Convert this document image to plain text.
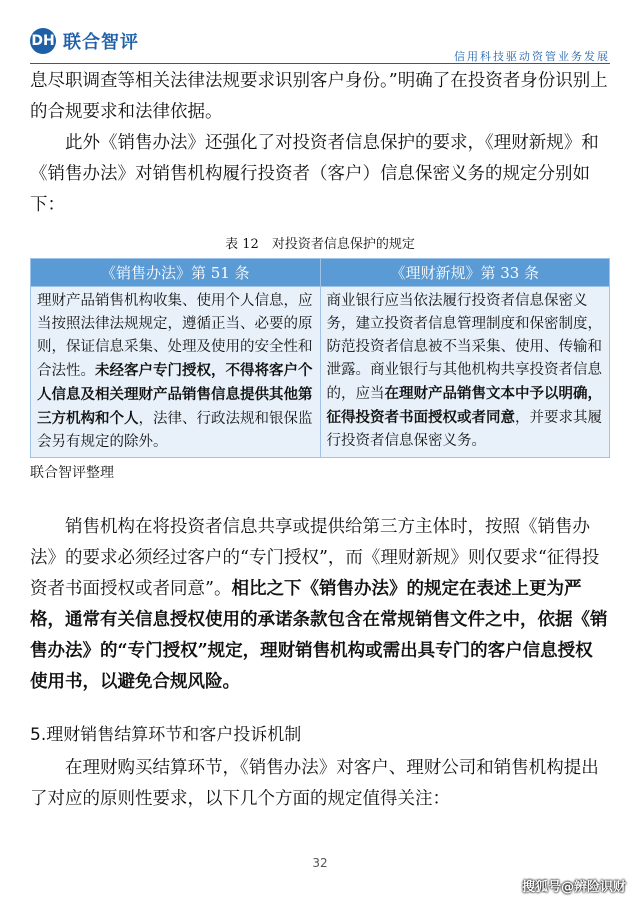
DH 联合智评
信用科技驱动资管业务发展

息尽职调查等相关法律法规要求识别客户身份。”明确了在投资者身份识别上的合规要求和法律依据。

此外《销售办法》还强化了对投资者信息保护的要求，《理财新规》和《销售办法》对销售机构履行投资者（客户）信息保密义务的规定分别如下：

表 12　对投资者信息保护的规定
《销售办法》第 51 条	《理财新规》第 33 条
理财产品销售机构收集、使用个人信息，应当按照法律法规规定，遵循正当、必要的原则，保证信息采集、处理及使用的安全性和合法性。未经客户专门授权，不得将客户个人信息及相关理财产品销售信息提供其他第三方机构和个人，法律、行政法规和银保监会另有规定的除外。	商业银行应当依法履行投资者信息保密义务，建立投资者信息管理制度和保密制度，防范投资者信息被不当采集、使用、传输和泄露。商业银行与其他机构共享投资者信息的，应当在理财产品销售文本中予以明确，征得投资者书面授权或者同意，并要求其履行投资者信息保密义务。
联合智评整理

销售机构在将投资者信息共享或提供给第三方主体时，按照《销售办法》的要求必须经过客户的“专门授权”，而《理财新规》则仅要求“征得投资者书面授权或者同意”。相比之下《销售办法》的规定在表述上更为严格，通常有关信息授权使用的承诺条款包含在常规销售文件之中，依据《销售办法》的“专门授权”规定，理财销售机构或需出具专门的客户信息授权使用书，以避免合规风险。

5.理财销售结算环节和客户投诉机制

在理财购买结算环节，《销售办法》对客户、理财公司和销售机构提出了对应的原则性要求，以下几个方面的规定值得关注：

32
搜狐号@辨险识财
